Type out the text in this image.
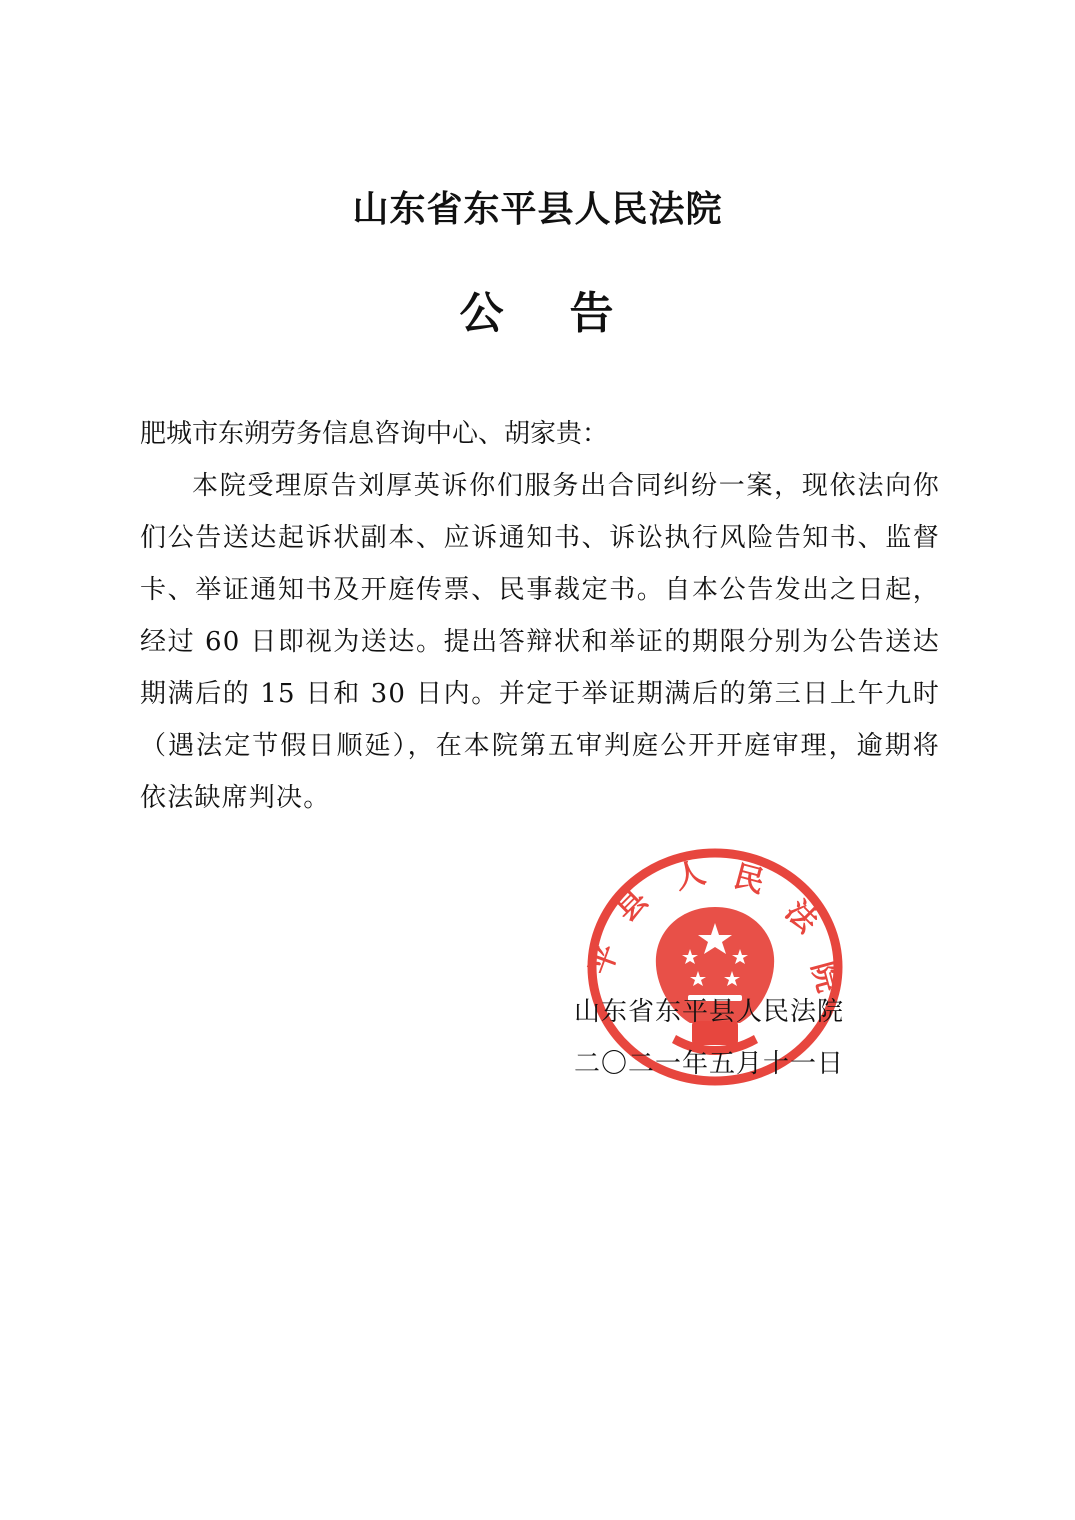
山东省东平县人民法院
公 告

肥城市东朔劳务信息咨询中心、胡家贵：

本院受理原告刘厚英诉你们服务出合同纠纷一案，现依法向你们公告送达起诉状副本、应诉通知书、诉讼执行风险告知书、监督卡、举证通知书及开庭传票、民事裁定书。自本公告发出之日起，经过 60 日即视为送达。提出答辩状和举证的期限分别为公告送达期满后的 15 日和 30 日内。并定于举证期满后的第三日上午九时（遇法定节假日顺延），在本院第五审判庭公开开庭审理，逾期将依法缺席判决。

平
县
人 民
法
院
山东省东平县人民法院
二〇二一年五月十一日
